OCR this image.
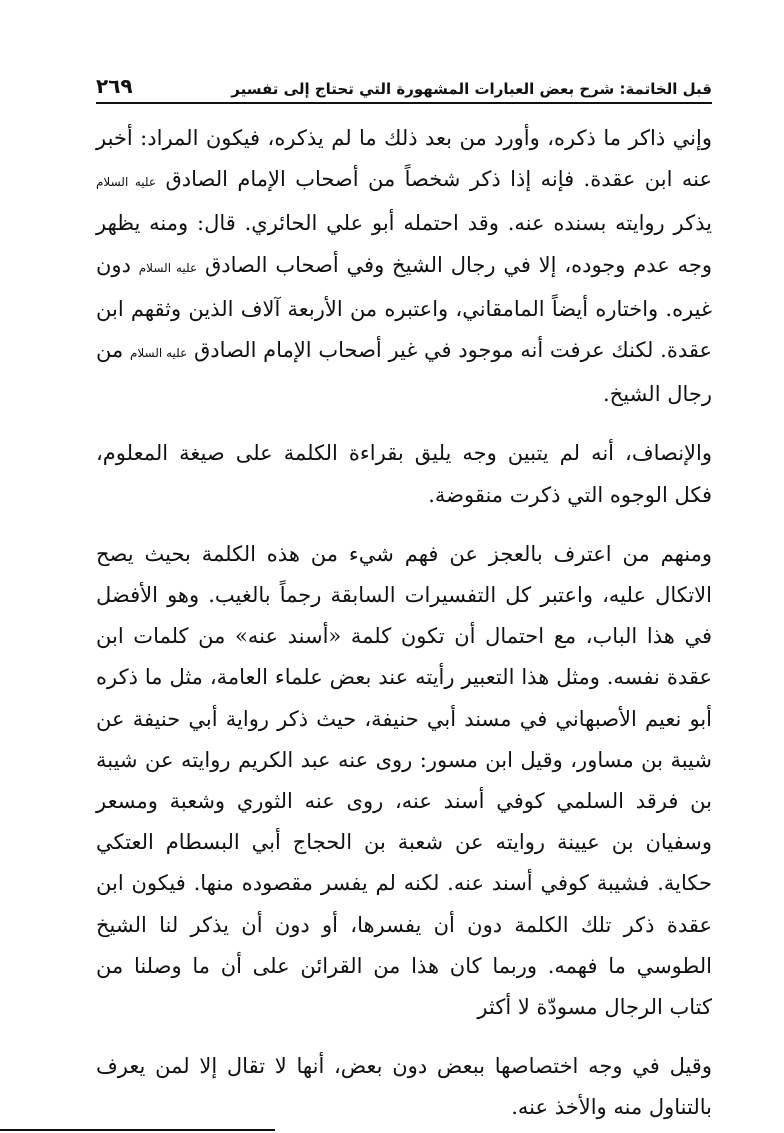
قبل الخاتمة: شرح بعض العبارات المشهورة التي تحتاج إلى تفسير
٢٦٩

وإني ذاكر ما ذكره، وأورد من بعد ذلك ما لم يذكره، فيكون المراد: أخبر عنه ابن عقدة. فإنه إذا ذكر شخصاً من أصحاب الإمام الصادق عليه السلام يذكر روايته بسنده عنه. وقد احتمله أبو علي الحائري. قال: ومنه يظهر وجه عدم وجوده، إلا في رجال الشيخ وفي أصحاب الصادق عليه السلام دون غيره. واختاره أيضاً المامقاني، واعتبره من الأربعة آلاف الذين وثقهم ابن عقدة. لكنك عرفت أنه موجود في غير أصحاب الإمام الصادق عليه السلام من رجال الشيخ.

والإنصاف، أنه لم يتبين وجه يليق بقراءة الكلمة على صيغة المعلوم، فكل الوجوه التي ذكرت منقوضة.

ومنهم من اعترف بالعجز عن فهم شيء من هذه الكلمة بحيث يصح الاتكال عليه، واعتبر كل التفسيرات السابقة رجماً بالغيب. وهو الأفضل في هذا الباب، مع احتمال أن تكون كلمة «أسند عنه» من كلمات ابن عقدة نفسه. ومثل هذا التعبير رأيته عند بعض علماء العامة، مثل ما ذكره أبو نعيم الأصبهاني في مسند أبي حنيفة، حيث ذكر رواية أبي حنيفة عن شيبة بن مساور، وقيل ابن مسور: روى عنه عبد الكريم روايته عن شيبة بن فرقد السلمي كوفي أسند عنه، روى عنه الثوري وشعبة ومسعر وسفيان بن عيينة روايته عن شعبة بن الحجاج أبي البسطام العتكي حكاية. فشيبة كوفي أسند عنه. لكنه لم يفسر مقصوده منها. فيكون ابن عقدة ذكر تلك الكلمة دون أن يفسرها، أو دون أن يذكر لنا الشيخ الطوسي ما فهمه. وربما كان هذا من القرائن على أن ما وصلنا من كتاب الرجال مسودّة لا أكثر

وقيل في وجه اختصاصها ببعض دون بعض، أنها لا تقال إلا لمن يعرف بالتناول منه والأخذ عنه.
